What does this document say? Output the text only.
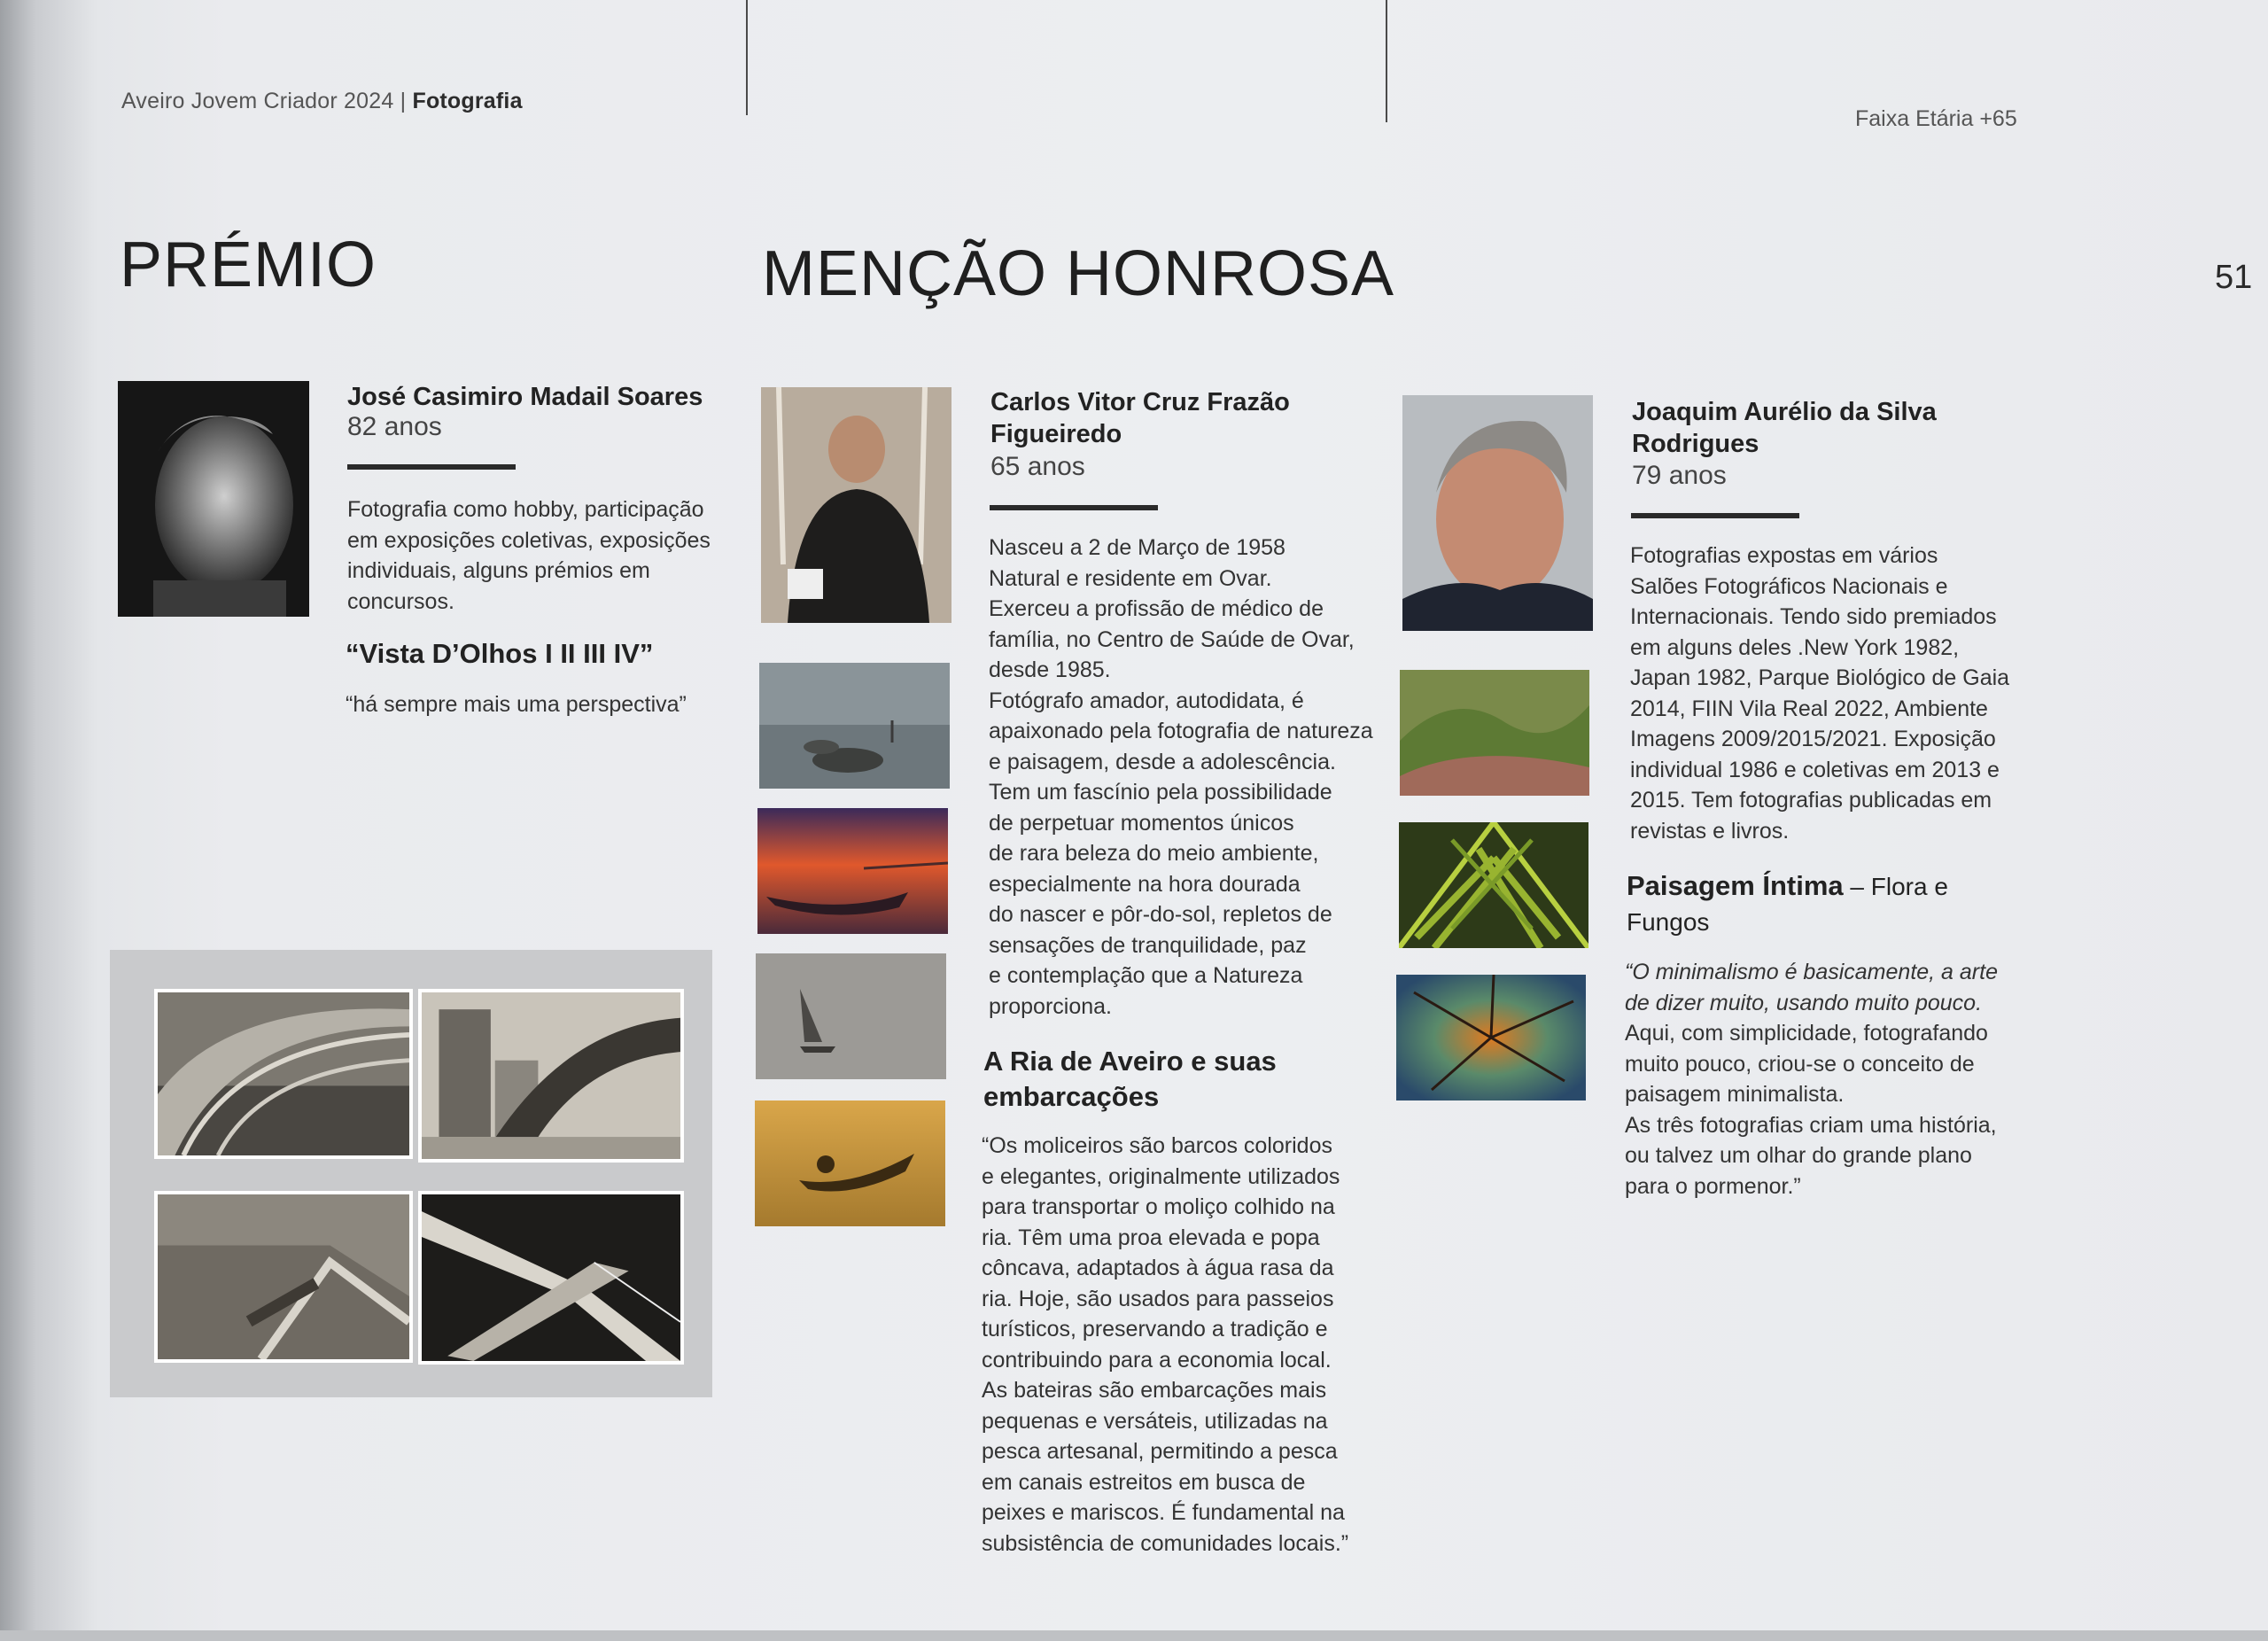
Aveiro Jovem Criador 2024 | Fotografia
Faixa Etária +65
51
PRÉMIO	MENÇÃO HONROSA
José Casimiro Madail Soares
82 anos
Fotografia como hobby, participação
em exposições coletivas, exposições
individuais, alguns prémios em
concursos.
“Vista D’Olhos I II III IV”
“há sempre mais uma perspectiva”
Carlos Vitor Cruz Frazão
Figueiredo
65 anos
Nasceu a 2 de Março de 1958
Natural e residente em Ovar.
Exerceu a profissão de médico de
família, no Centro de Saúde de Ovar,
desde 1985.
Fotógrafo amador, autodidata, é
apaixonado pela fotografia de natureza
e paisagem, desde a adolescência.
Tem um fascínio pela possibilidade
de perpetuar momentos únicos
de rara beleza do meio ambiente,
especialmente na hora dourada
do nascer e pôr-do-sol, repletos de
sensações de tranquilidade, paz
e contemplação que a Natureza
proporciona.
A Ria de Aveiro e suas
embarcações
“Os moliceiros são barcos coloridos
e elegantes, originalmente utilizados
para transportar o moliço colhido na
ria. Têm uma proa elevada e popa
côncava, adaptados à água rasa da
ria. Hoje, são usados para passeios
turísticos, preservando a tradição e
contribuindo para a economia local.
As bateiras são embarcações mais
pequenas e versáteis, utilizadas na
pesca artesanal, permitindo a pesca
em canais estreitos em busca de
peixes e mariscos. É fundamental na
subsistência de comunidades locais.”
Joaquim Aurélio da Silva
Rodrigues
79 anos
Fotografias expostas em vários
Salões Fotográficos Nacionais e
Internacionais. Tendo sido premiados
em alguns deles .New York 1982,
Japan 1982, Parque Biológico de Gaia
2014, FIIN Vila Real 2022, Ambiente
Imagens 2009/2015/2021. Exposição
individual 1986 e coletivas em 2013 e
2015. Tem fotografias publicadas em
revistas e livros.
Paisagem Íntima – Flora e
Fungos
“O minimalismo é basicamente, a arte
de dizer muito, usando muito pouco.
Aqui, com simplicidade, fotografando
muito pouco, criou-se o conceito de
paisagem minimalista.
As três fotografias criam uma história,
ou talvez um olhar do grande plano
para o pormenor.”
